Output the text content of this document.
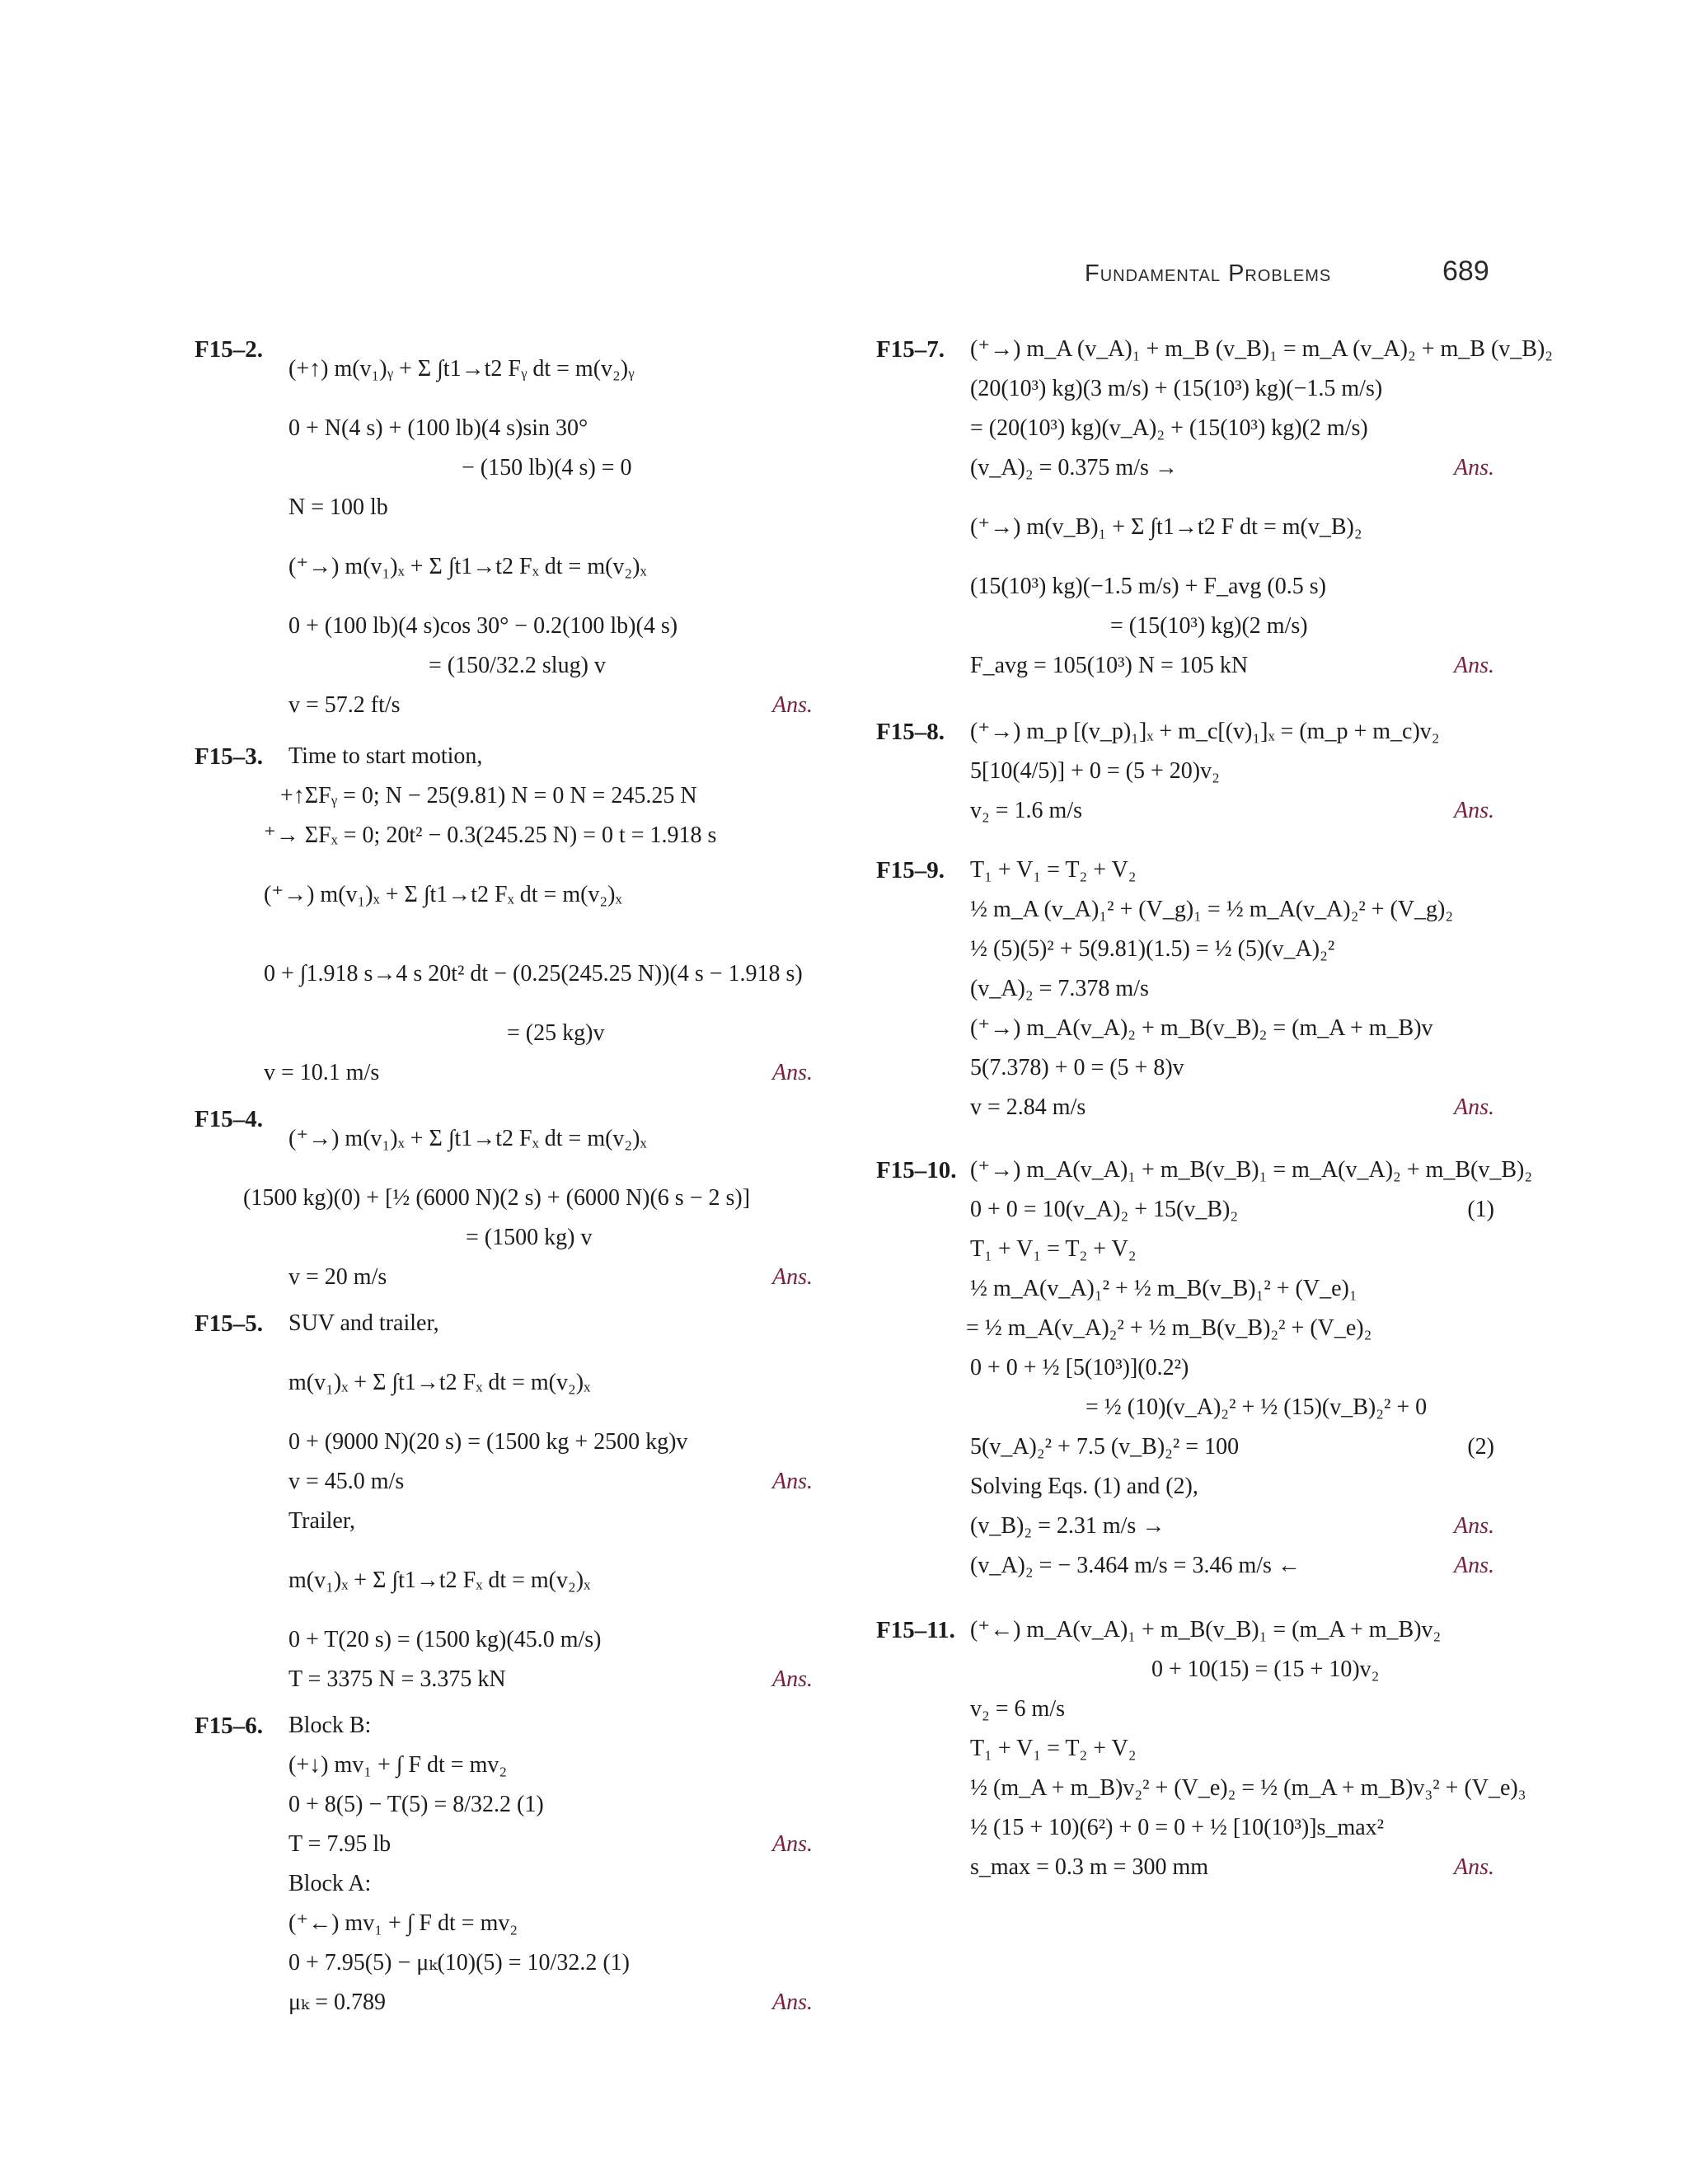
Fundamental Problems	689
F15–2.
(+↑) m(v₁)ᵧ + Σ ∫t1→t2 Fᵧ dt = m(v₂)ᵧ
0 + N(4 s) + (100 lb)(4 s)sin 30°
− (150 lb)(4 s) = 0
N = 100 lb
(⁺→) m(v₁)ₓ + Σ ∫t1→t2 Fₓ dt = m(v₂)ₓ
0 + (100 lb)(4 s)cos 30° − 0.2(100 lb)(4 s)
= (150/32.2 slug) v
v = 57.2 ft/s	Ans.
F15–3. Time to start motion,
+↑ΣFᵧ = 0; N − 25(9.81) N = 0 N = 245.25 N
⁺→ ΣFₓ = 0; 20t² − 0.3(245.25 N) = 0 t = 1.918 s
(⁺→) m(v₁)ₓ + Σ ∫t1→t2 Fₓ dt = m(v₂)ₓ
0 + ∫1.918 s→4 s 20t² dt − (0.25(245.25 N))(4 s − 1.918 s)
= (25 kg)v
v = 10.1 m/s	Ans.
F15–4.
(⁺→) m(v₁)ₓ + Σ ∫t1→t2 Fₓ dt = m(v₂)ₓ
(1500 kg)(0) + [½ (6000 N)(2 s) + (6000 N)(6 s − 2 s)]
= (1500 kg) v
v = 20 m/s	Ans.
F15–5. SUV and trailer,
m(v₁)ₓ + Σ ∫t1→t2 Fₓ dt = m(v₂)ₓ
0 + (9000 N)(20 s) = (1500 kg + 2500 kg)v
v = 45.0 m/s	Ans.
Trailer,
m(v₁)ₓ + Σ ∫t1→t2 Fₓ dt = m(v₂)ₓ
0 + T(20 s) = (1500 kg)(45.0 m/s)
T = 3375 N = 3.375 kN	Ans.
F15–6. Block B:
(+↓) mv₁ + ∫ F dt = mv₂
0 + 8(5) − T(5) = 8/32.2 (1)
T = 7.95 lb	Ans.
Block A:
(⁺←) mv₁ + ∫ F dt = mv₂
0 + 7.95(5) − μₖ(10)(5) = 10/32.2 (1)
μₖ = 0.789	Ans.
F15–7. (⁺→) m_A (v_A)₁ + m_B (v_B)₁ = m_A (v_A)₂ + m_B (v_B)₂
(20(10³) kg)(3 m/s) + (15(10³) kg)(−1.5 m/s)
= (20(10³) kg)(v_A)₂ + (15(10³) kg)(2 m/s)
(v_A)₂ = 0.375 m/s →	Ans.
(⁺→) m(v_B)₁ + Σ ∫t1→t2 F dt = m(v_B)₂
(15(10³) kg)(−1.5 m/s) + F_avg (0.5 s)
= (15(10³) kg)(2 m/s)
F_avg = 105(10³) N = 105 kN	Ans.
F15–8. (⁺→) m_p [(v_p)₁]ₓ + m_c[(v)₁]ₓ = (m_p + m_c)v₂
5[10(4/5)] + 0 = (5 + 20)v₂
v₂ = 1.6 m/s	Ans.
F15–9. T₁ + V₁ = T₂ + V₂
½ m_A (v_A)₁² + (V_g)₁ = ½ m_A(v_A)₂² + (V_g)₂
½ (5)(5)² + 5(9.81)(1.5) = ½ (5)(v_A)₂²
(v_A)₂ = 7.378 m/s
(⁺→) m_A(v_A)₂ + m_B(v_B)₂ = (m_A + m_B)v
5(7.378) + 0 = (5 + 8)v
v = 2.84 m/s	Ans.
F15–10. (⁺→) m_A(v_A)₁ + m_B(v_B)₁ = m_A(v_A)₂ + m_B(v_B)₂
0 + 0 = 10(v_A)₂ + 15(v_B)₂	(1)
T₁ + V₁ = T₂ + V₂
½ m_A(v_A)₁² + ½ m_B(v_B)₁² + (V_e)₁
= ½ m_A(v_A)₂² + ½ m_B(v_B)₂² + (V_e)₂
0 + 0 + ½ [5(10³)](0.2²)
= ½ (10)(v_A)₂² + ½ (15)(v_B)₂² + 0
5(v_A)₂² + 7.5 (v_B)₂² = 100	(2)
Solving Eqs. (1) and (2),
(v_B)₂ = 2.31 m/s →	Ans.
(v_A)₂ = − 3.464 m/s = 3.46 m/s ←	Ans.
F15–11. (⁺←) m_A(v_A)₁ + m_B(v_B)₁ = (m_A + m_B)v₂
0 + 10(15) = (15 + 10)v₂
v₂ = 6 m/s
T₁ + V₁ = T₂ + V₂
½ (m_A + m_B)v₂² + (V_e)₂ = ½ (m_A + m_B)v₃² + (V_e)₃
½ (15 + 10)(6²) + 0 = 0 + ½ [10(10³)]s_max²
s_max = 0.3 m = 300 mm	Ans.
